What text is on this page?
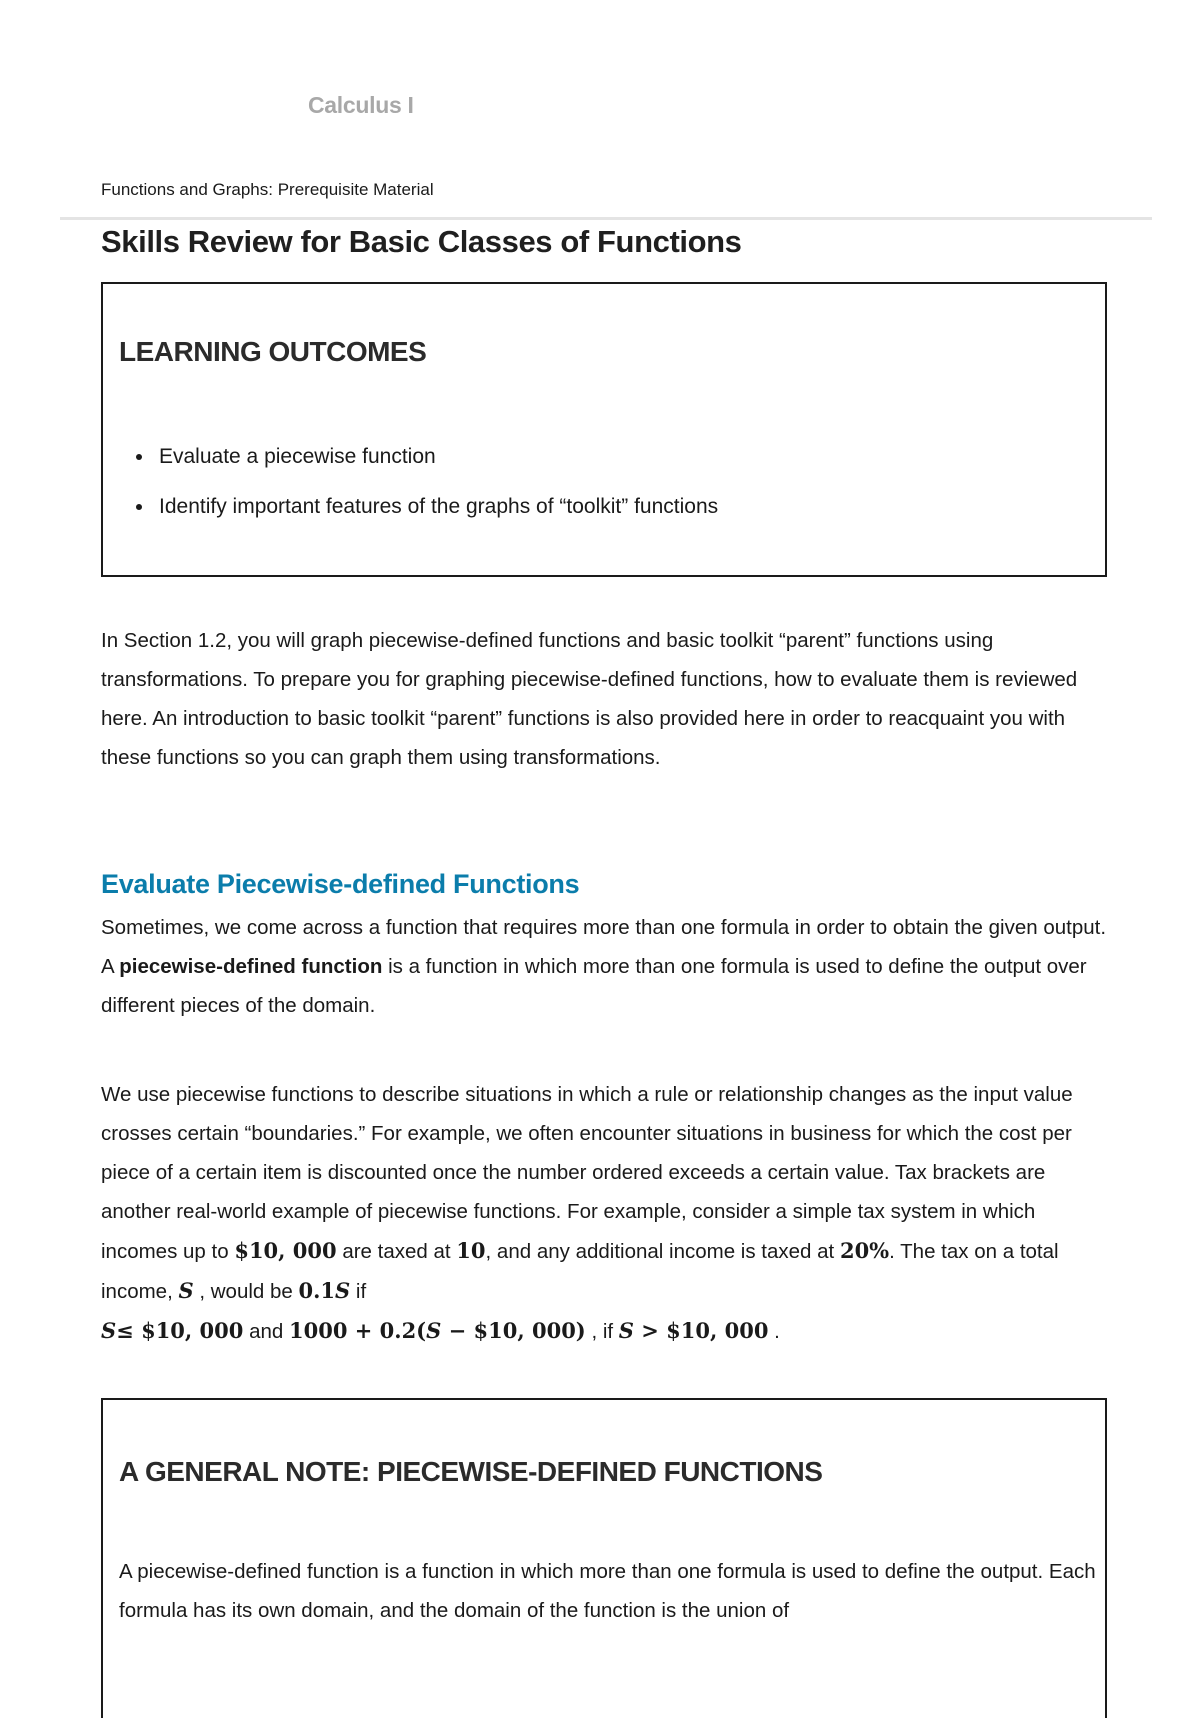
Calculus I
Functions and Graphs: Prerequisite Material
Skills Review for Basic Classes of Functions
LEARNING OUTCOMES
• Evaluate a piecewise function
• Identify important features of the graphs of “toolkit” functions

In Section 1.2, you will graph piecewise-defined functions and basic toolkit “parent” functions using transformations. To prepare you for graphing piecewise-defined functions, how to evaluate them is reviewed here. An introduction to basic toolkit “parent” functions is also provided here in order to reacquaint you with these functions so you can graph them using transformations.

Evaluate Piecewise-defined Functions

Sometimes, we come across a function that requires more than one formula in order to obtain the given output. A piecewise-defined function is a function in which more than one formula is used to define the output over different pieces of the domain.

We use piecewise functions to describe situations in which a rule or relationship changes as the input value crosses certain “boundaries.” For example, we often encounter situations in business for which the cost per piece of a certain item is discounted once the number ordered exceeds a certain value. Tax brackets are another real-world example of piecewise functions. For example, consider a simple tax system in which incomes up to $10, 000 are taxed at 10, and any additional income is taxed at 20%. The tax on a total income, S , would be 0.1S if
S≤ $10, 000 and 1000 + 0.2(S − $10, 000) , if S > $10, 000 .

A GENERAL NOTE: PIECEWISE-DEFINED FUNCTIONS

A piecewise-defined function is a function in which more than one formula is used to define the output. Each formula has its own domain, and the domain of the function is the union of
